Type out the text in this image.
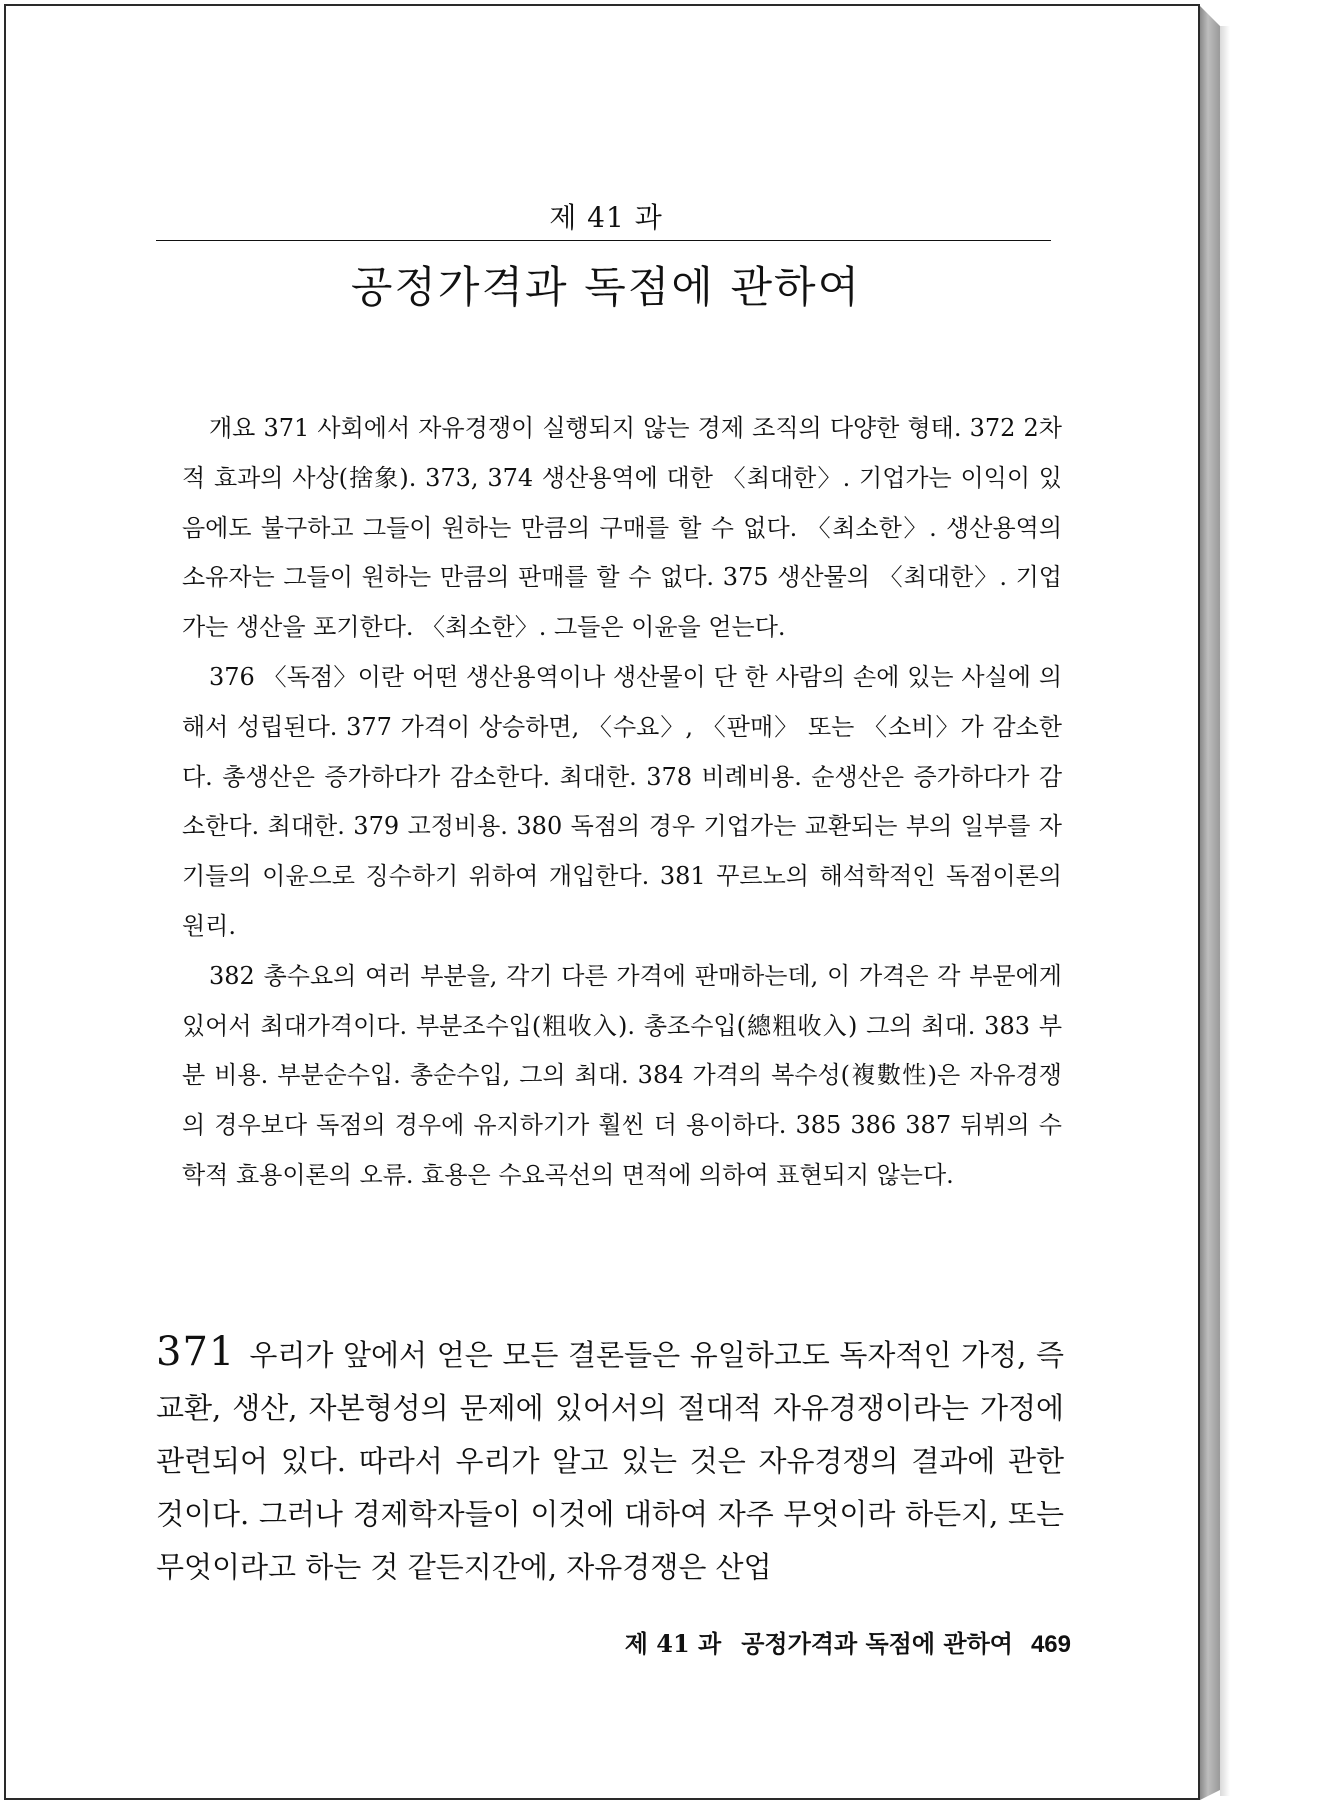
제 41 과
공정가격과 독점에 관하여

개요 371 사회에서 자유경쟁이 실행되지 않는 경제 조직의 다양한 형태. 372 2차적 효과의 사상(捨象). 373, 374 생산용역에 대한 〈최대한〉. 기업가는 이익이 있음에도 불구하고 그들이 원하는 만큼의 구매를 할 수 없다. 〈최소한〉. 생산용역의 소유자는 그들이 원하는 만큼의 판매를 할 수 없다. 375 생산물의 〈최대한〉. 기업가는 생산을 포기한다. 〈최소한〉. 그들은 이윤을 얻는다.

376 〈독점〉이란 어떤 생산용역이나 생산물이 단 한 사람의 손에 있는 사실에 의해서 성립된다. 377 가격이 상승하면, 〈수요〉, 〈판매〉 또는 〈소비〉가 감소한다. 총생산은 증가하다가 감소한다. 최대한. 378 비례비용. 순생산은 증가하다가 감소한다. 최대한. 379 고정비용. 380 독점의 경우 기업가는 교환되는 부의 일부를 자기들의 이윤으로 징수하기 위하여 개입한다. 381 꾸르노의 해석학적인 독점이론의 원리.

382 총수요의 여러 부분을, 각기 다른 가격에 판매하는데, 이 가격은 각 부문에게 있어서 최대가격이다. 부분조수입(粗收入). 총조수입(總粗收入) 그의 최대. 383 부분 비용. 부분순수입. 총순수입, 그의 최대. 384 가격의 복수성(複數性)은 자유경쟁의 경우보다 독점의 경우에 유지하기가 훨씬 더 용이하다. 385 386 387 뒤뷔의 수학적 효용이론의 오류. 효용은 수요곡선의 면적에 의하여 표현되지 않는다.

371 우리가 앞에서 얻은 모든 결론들은 유일하고도 독자적인 가정, 즉 교환, 생산, 자본형성의 문제에 있어서의 절대적 자유경쟁이라는 가정에 관련되어 있다. 따라서 우리가 알고 있는 것은 자유경쟁의 결과에 관한 것이다. 그러나 경제학자들이 이것에 대하여 자주 무엇이라 하든지, 또는 무엇이라고 하는 것 같든지간에, 자유경쟁은 산업

제 41 과 공정가격과 독점에 관하여 469
